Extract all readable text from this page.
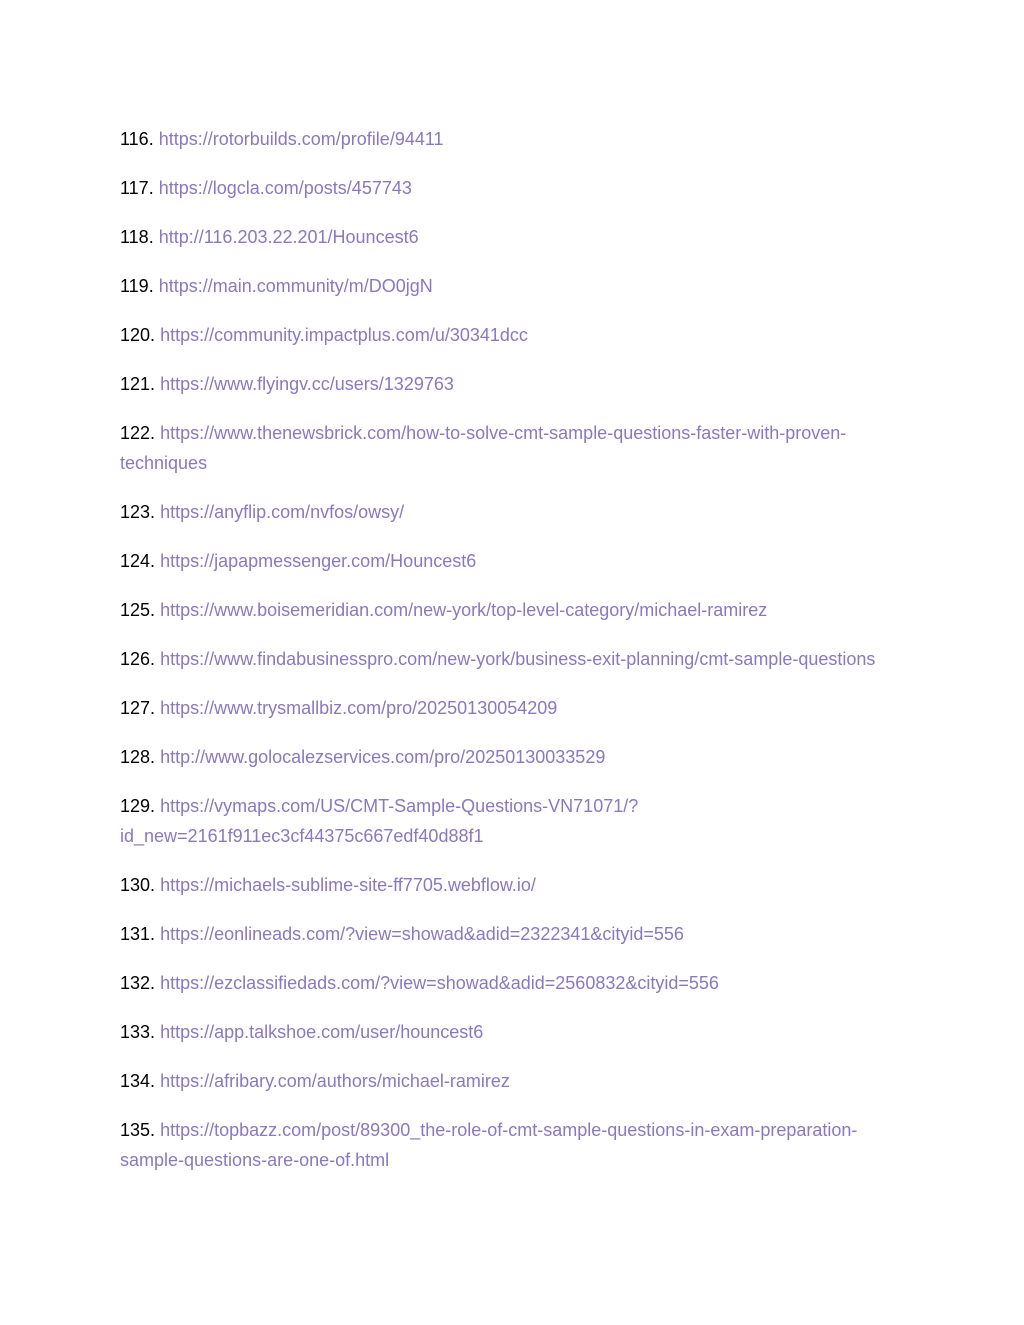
116. https://rotorbuilds.com/profile/94411
117. https://logcla.com/posts/457743
118. http://116.203.22.201/Houncest6
119. https://main.community/m/DO0jgN
120. https://community.impactplus.com/u/30341dcc
121. https://www.flyingv.cc/users/1329763
122. https://www.thenewsbrick.com/how-to-solve-cmt-sample-questions-faster-with-proven-techniques
123. https://anyflip.com/nvfos/owsy/
124. https://japapmessenger.com/Houncest6
125. https://www.boisemeridian.com/new-york/top-level-category/michael-ramirez
126. https://www.findabusinesspro.com/new-york/business-exit-planning/cmt-sample-questions
127. https://www.trysmallbiz.com/pro/20250130054209
128. http://www.golocalezservices.com/pro/20250130033529
129. https://vymaps.com/US/CMT-Sample-Questions-VN71071/?id_new=2161f911ec3cf44375c667edf40d88f1
130. https://michaels-sublime-site-ff7705.webflow.io/
131. https://eonlineads.com/?view=showad&adid=2322341&cityid=556
132. https://ezclassifiedads.com/?view=showad&adid=2560832&cityid=556
133. https://app.talkshoe.com/user/houncest6
134. https://afribary.com/authors/michael-ramirez
135. https://topbazz.com/post/89300_the-role-of-cmt-sample-questions-in-exam-preparation-sample-questions-are-one-of.html
